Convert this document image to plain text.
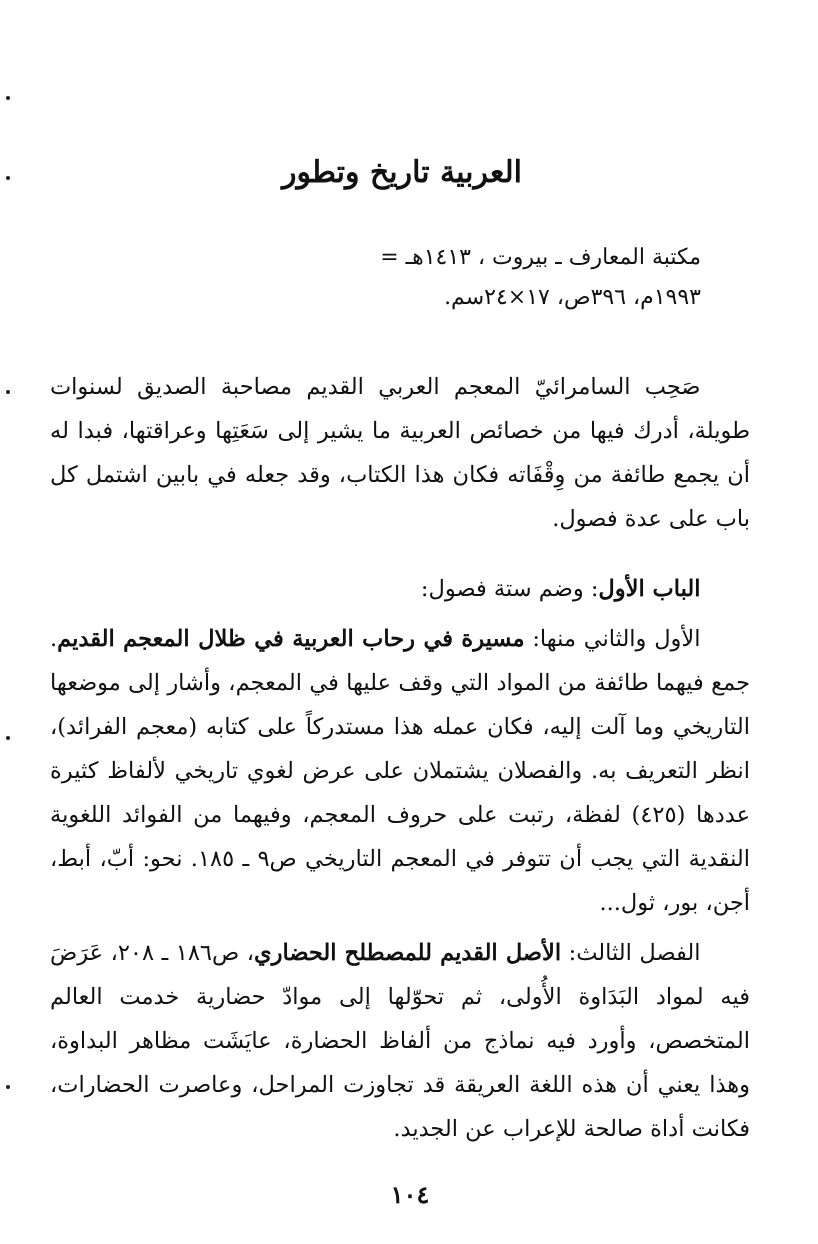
العربية تاريخ وتطور
مكتبة المعارف ـ بيروت ، ١٤١٣هـ =
١٩٩٣م، ٣٩٦ص، ١٧×٢٤سم.

صَحِب السامرائيّ المعجم العربي القديم مصاحبة الصديق لسنوات طويلة، أدرك فيها من خصائص العربية ما يشير إلى سَعَتِها وعراقتها، فبدا له أن يجمع طائفة من وِقْفَاته فكان هذا الكتاب، وقد جعله في بابين اشتمل كل باب على عدة فصول.

الباب الأول: وضم ستة فصول:

الأول والثاني منها: مسيرة في رحاب العربية في ظلال المعجم القديم. جمع فيهما طائفة من المواد التي وقف عليها في المعجم، وأشار إلى موضعها التاريخي وما آلت إليه، فكان عمله هذا مستدركاً على كتابه (معجم الفرائد)، انظر التعريف به. والفصلان يشتملان على عرض لغوي تاريخي لألفاظ كثيرة عددها (٤٢٥) لفظة، رتبت على حروف المعجم، وفيهما من الفوائد اللغوية النقدية التي يجب أن تتوفر في المعجم التاريخي ص٩ ـ ١٨٥. نحو: أبّ، أبط، أجن، بور، ثول...

الفصل الثالث: الأصل القديم للمصطلح الحضاري، ص١٨٦ ـ ٢٠٨، عَرَضَ فيه لمواد البَدَاوة الأُولى، ثم تحوّلها إلى موادّ حضارية خدمت العالم المتخصص، وأورد فيه نماذج من ألفاظ الحضارة، عايَشَت مظاهر البداوة، وهذا يعني أن هذه اللغة العريقة قد تجاوزت المراحل، وعاصرت الحضارات، فكانت أداة صالحة للإعراب عن الجديد.

١٠٤
